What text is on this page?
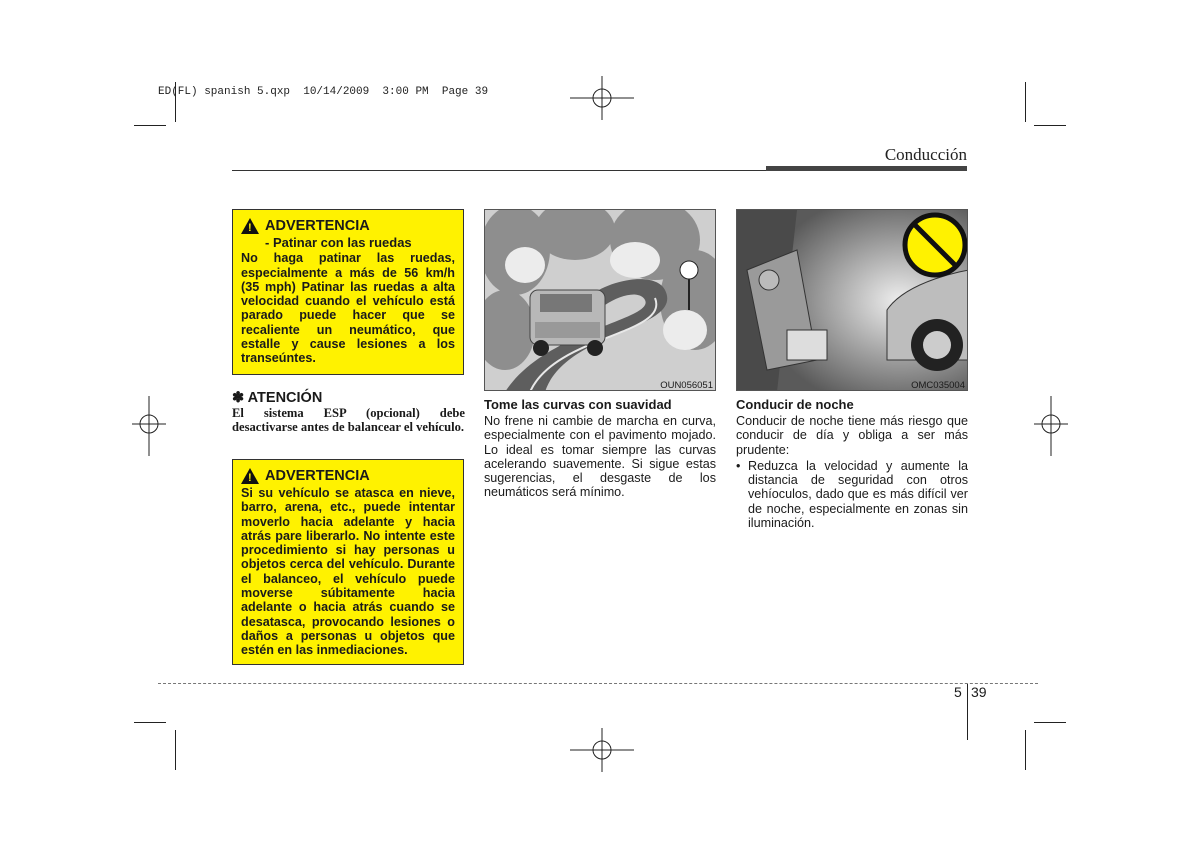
ED(FL) spanish 5.qxp  10/14/2009  3:00 PM  Page 39
Conducción
!
ADVERTENCIA
- Patinar con las ruedas
No haga patinar las ruedas, especialmente a más de 56 km/h (35 mph) Patinar las ruedas a alta velocidad cuando el vehículo está parado puede hacer que se recaliente un neumático, que estalle y cause lesiones a los transeúntes.
✽ ATENCIÓN
El sistema ESP (opcional) debe desactivarse antes de balancear el vehículo.
!
ADVERTENCIA
Si su vehículo se atasca en nieve, barro, arena, etc., puede intentar moverlo hacia adelante y hacia atrás pare liberarlo. No intente este procedimiento si hay personas u objetos cerca del vehículo. Durante el balanceo, el vehículo puede moverse súbitamente hacia adelante o hacia atrás cuando se desatasca, provocando lesiones o daños a personas u objetos que estén en las inmediaciones.
OUN056051
Tome las curvas con suavidad
No frene ni cambie de marcha en curva, especialmente con el pavimento mojado. Lo ideal es tomar siempre las curvas acelerando suavemente. Si sigue estas sugerencias, el desgaste de los neumáticos será mínimo.
OMC035004
Conducir de noche
Conducir de noche tiene más riesgo que conducir de día y obliga a ser más prudente:
• Reduzca la velocidad y aumente la distancia de seguridad con otros vehíoculos, dado que es más difícil ver de noche, especialmente en zonas sin iluminación.
5 39
